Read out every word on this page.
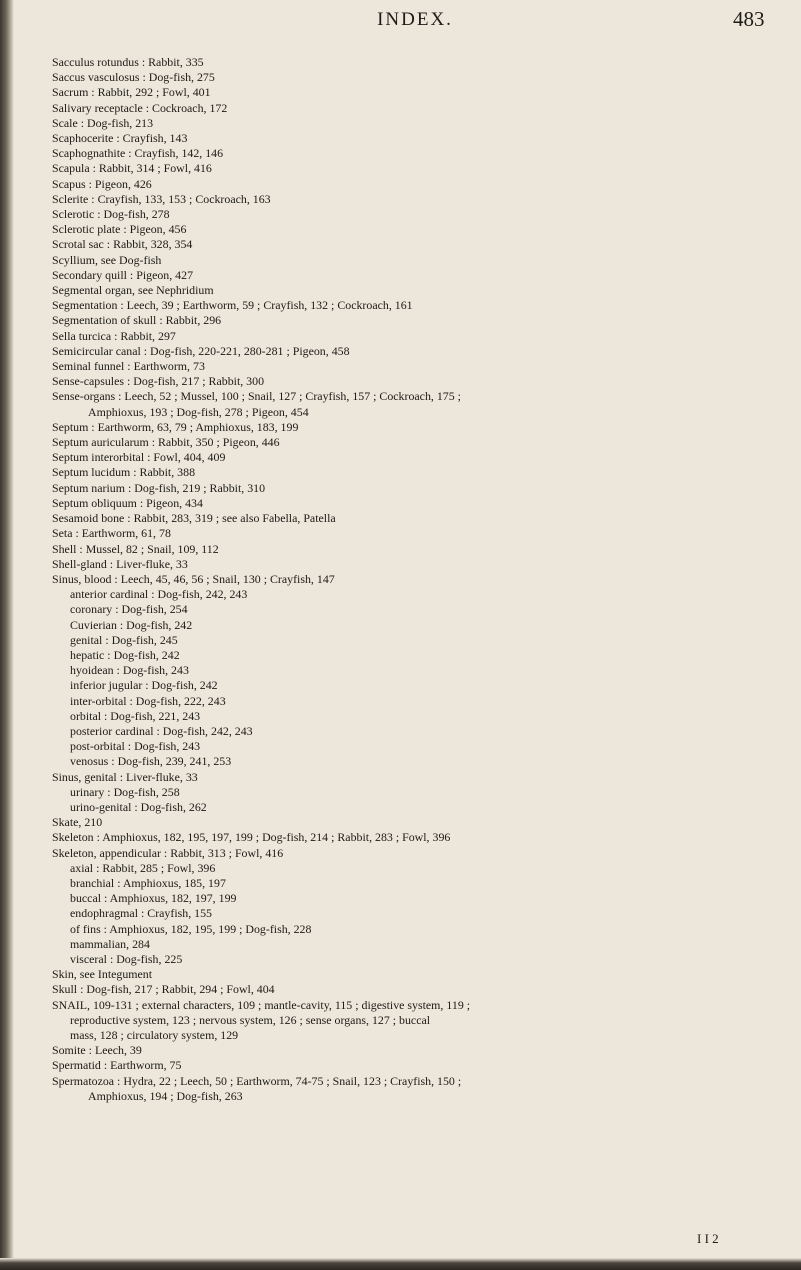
INDEX.	483
Sacculus rotundus : Rabbit, 335
Saccus vasculosus : Dog-fish, 275
Sacrum : Rabbit, 292 ; Fowl, 401
Salivary receptacle : Cockroach, 172
Scale : Dog-fish, 213
Scaphocerite : Crayfish, 143
Scaphognathite : Crayfish, 142, 146
Scapula : Rabbit, 314 ; Fowl, 416
Scapus : Pigeon, 426
Sclerite : Crayfish, 133, 153 ; Cockroach, 163
Sclerotic : Dog-fish, 278
Sclerotic plate : Pigeon, 456
Scrotal sac : Rabbit, 328, 354
Scyllium, see Dog-fish
Secondary quill : Pigeon, 427
Segmental organ, see Nephridium
Segmentation : Leech, 39 ; Earthworm, 59 ; Crayfish, 132 ; Cockroach, 161
Segmentation of skull : Rabbit, 296
Sella turcica : Rabbit, 297
Semicircular canal : Dog-fish, 220-221, 280-281 ; Pigeon, 458
Seminal funnel : Earthworm, 73
Sense-capsules : Dog-fish, 217 ; Rabbit, 300
Sense-organs : Leech, 52 ; Mussel, 100 ; Snail, 127 ; Crayfish, 157 ; Cockroach, 175 ;
Amphioxus, 193 ; Dog-fish, 278 ; Pigeon, 454
Septum : Earthworm, 63, 79 ; Amphioxus, 183, 199
Septum auricularum : Rabbit, 350 ; Pigeon, 446
Septum interorbital : Fowl, 404, 409
Septum lucidum : Rabbit, 388
Septum narium : Dog-fish, 219 ; Rabbit, 310
Septum obliquum : Pigeon, 434
Sesamoid bone : Rabbit, 283, 319 ; see also Fabella, Patella
Seta : Earthworm, 61, 78
Shell : Mussel, 82 ; Snail, 109, 112
Shell-gland : Liver-fluke, 33
Sinus, blood : Leech, 45, 46, 56 ; Snail, 130 ; Crayfish, 147
anterior cardinal : Dog-fish, 242, 243
coronary : Dog-fish, 254
Cuvierian : Dog-fish, 242
genital : Dog-fish, 245
hepatic : Dog-fish, 242
hyoidean : Dog-fish, 243
inferior jugular : Dog-fish, 242
inter-orbital : Dog-fish, 222, 243
orbital : Dog-fish, 221, 243
posterior cardinal : Dog-fish, 242, 243
post-orbital : Dog-fish, 243
venosus : Dog-fish, 239, 241, 253
Sinus, genital : Liver-fluke, 33
urinary : Dog-fish, 258
urino-genital : Dog-fish, 262
Skate, 210
Skeleton : Amphioxus, 182, 195, 197, 199 ; Dog-fish, 214 ; Rabbit, 283 ; Fowl, 396
Skeleton, appendicular : Rabbit, 313 ; Fowl, 416
axial : Rabbit, 285 ; Fowl, 396
branchial : Amphioxus, 185, 197
buccal : Amphioxus, 182, 197, 199
endophragmal : Crayfish, 155
of fins : Amphioxus, 182, 195, 199 ; Dog-fish, 228
mammalian, 284
visceral : Dog-fish, 225
Skin, see Integument
Skull : Dog-fish, 217 ; Rabbit, 294 ; Fowl, 404
SNAIL, 109-131 ; external characters, 109 ; mantle-cavity, 115 ; digestive system, 119 ;
reproductive system, 123 ; nervous system, 126 ; sense organs, 127 ; buccal
mass, 128 ; circulatory system, 129
Somite : Leech, 39
Spermatid : Earthworm, 75
Spermatozoa : Hydra, 22 ; Leech, 50 ; Earthworm, 74-75 ; Snail, 123 ; Crayfish, 150 ;
Amphioxus, 194 ; Dog-fish, 263
I I 2
